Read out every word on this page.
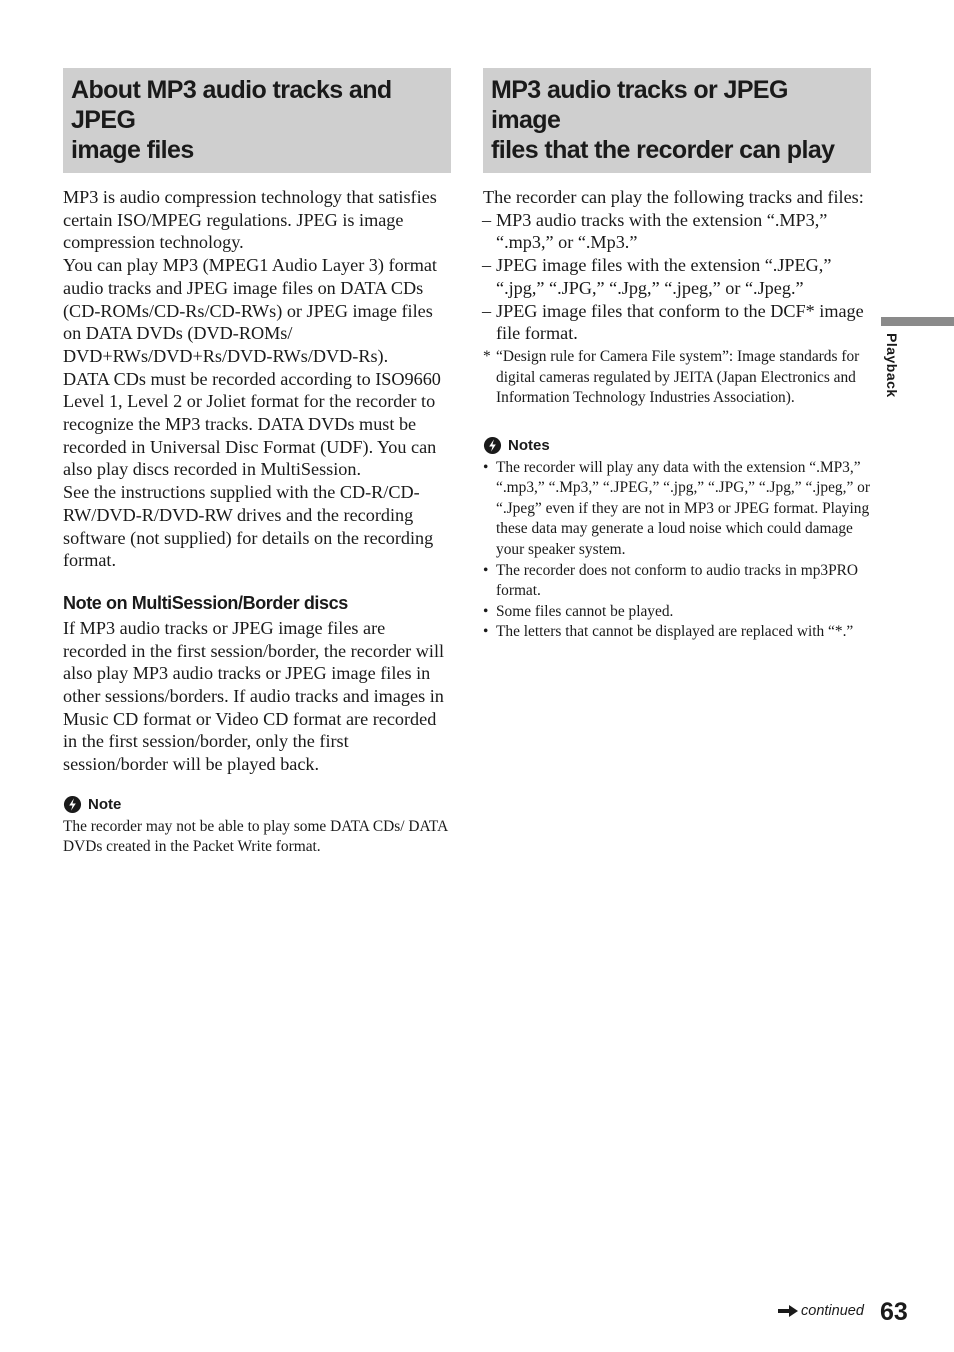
About MP3 audio tracks and JPEG
image files

MP3 is audio compression technology that satisfies certain ISO/MPEG regulations. JPEG is image compression technology.

You can play MP3 (MPEG1 Audio Layer 3) format audio tracks and JPEG image files on DATA CDs (CD-ROMs/CD-Rs/CD-RWs) or JPEG image files on DATA DVDs (DVD-ROMs/ DVD+RWs/DVD+Rs/DVD-RWs/DVD-Rs).

DATA CDs must be recorded according to ISO9660 Level 1, Level 2 or Joliet format for the recorder to recognize the MP3 tracks. DATA DVDs must be recorded in Universal Disc Format (UDF). You can also play discs recorded in MultiSession.

See the instructions supplied with the CD-R/CD-RW/DVD-R/DVD-RW drives and the recording software (not supplied) for details on the recording format.

Note on MultiSession/Border discs

If MP3 audio tracks or JPEG image files are recorded in the first session/border, the recorder will also play MP3 audio tracks or JPEG image files in other sessions/borders. If audio tracks and images in Music CD format or Video CD format are recorded in the first session/border, only the first session/border will be played back.

Note

The recorder may not be able to play some DATA CDs/ DATA DVDs created in the Packet Write format.

MP3 audio tracks or JPEG image
files that the recorder can play

The recorder can play the following tracks and files:

– MP3 audio tracks with the extension “.MP3,” “.mp3,” or “.Mp3.”
– JPEG image files with the extension “.JPEG,” “.jpg,” “.JPG,” “.Jpg,” “.jpeg,” or “.Jpeg.”
– JPEG image files that conform to the DCF* image file format.

* “Design rule for Camera File system”: Image standards for digital cameras regulated by JEITA (Japan Electronics and Information Technology Industries Association).

Notes
• The recorder will play any data with the extension “.MP3,” “.mp3,” “.Mp3,” “.JPEG,” “.jpg,” “.JPG,” “.Jpg,” “.jpeg,” or “.Jpeg” even if they are not in MP3 or JPEG format. Playing these data may generate a loud noise which could damage your speaker system.
• The recorder does not conform to audio tracks in mp3PRO format.
• Some files cannot be played.
• The letters that cannot be displayed are replaced with “*.”
Playback
continued 63
